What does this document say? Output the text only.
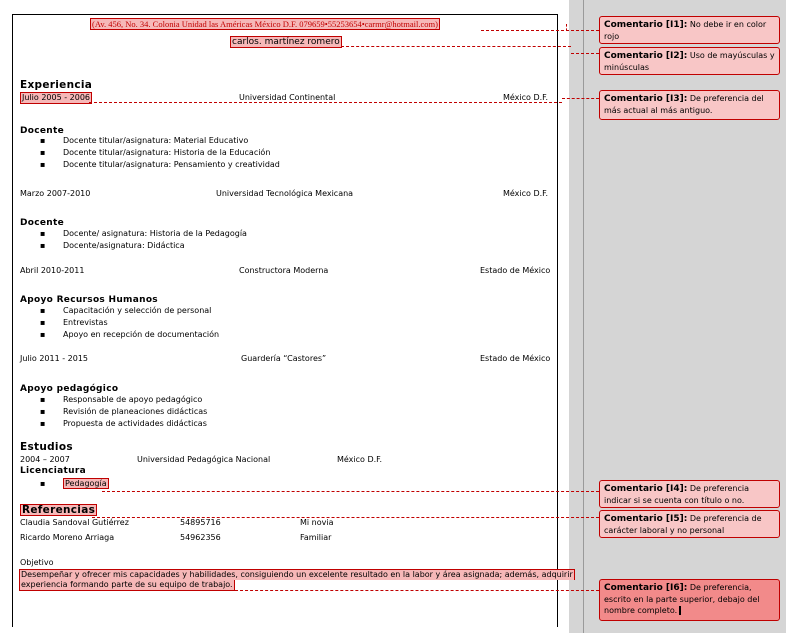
(Av. 456, No. 34. Colonia Unidad las Américas México D.F. 079659•55253654•carmr@hotmail.com)
carlos. martínez romero
Experiencia
Julio 2005 - 2006	Universidad Continental	México D.F.
Docente
▪ Docente titular/asignatura: Material Educativo
▪ Docente titular/asignatura: Historia de la Educación
▪ Docente titular/asignatura: Pensamiento y creatividad
Marzo 2007-2010	Universidad Tecnológica Mexicana	México D.F.
Docente
▪ Docente/ asignatura: Historia de la Pedagogía
▪ Docente/asignatura: Didáctica
Abril 2010-2011	Constructora Moderna	Estado de México
Apoyo Recursos Humanos
▪ Capacitación y selección de personal
▪ Entrevistas
▪ Apoyo en recepción de documentación
Julio 2011 - 2015	Guardería “Castores”	Estado de México
Apoyo pedagógico
▪ Responsable de apoyo pedagógico
▪ Revisión de planeaciones didácticas
▪ Propuesta de actividades didácticas
Estudios
2004 – 2007	Universidad Pedagógica Nacional	México D.F.
Licenciatura
▪ Pedagogía
Referencias
Claudia Sandoval Gutiérrez	54895716	Mi novia
Ricardo Moreno Arriaga	54962356	Familiar
Objetivo
Desempeñar y ofrecer mis capacidades y habilidades, consiguiendo un excelente resultado en la labor y área asignada; además, adquirir
experiencia formando parte de su equipo de trabajo.
Comentario [I1]: No debe ir en color rojo
Comentario [I2]: Uso de mayúsculas y minúsculas
Comentario [I3]: De preferencia del más actual al más antiguo.
Comentario [I4]: De preferencia indicar si se cuenta con título o no.
Comentario [I5]: De preferencia de carácter laboral y no personal
Comentario [I6]: De preferencia, escrito en la parte superior, debajo del nombre completo.
